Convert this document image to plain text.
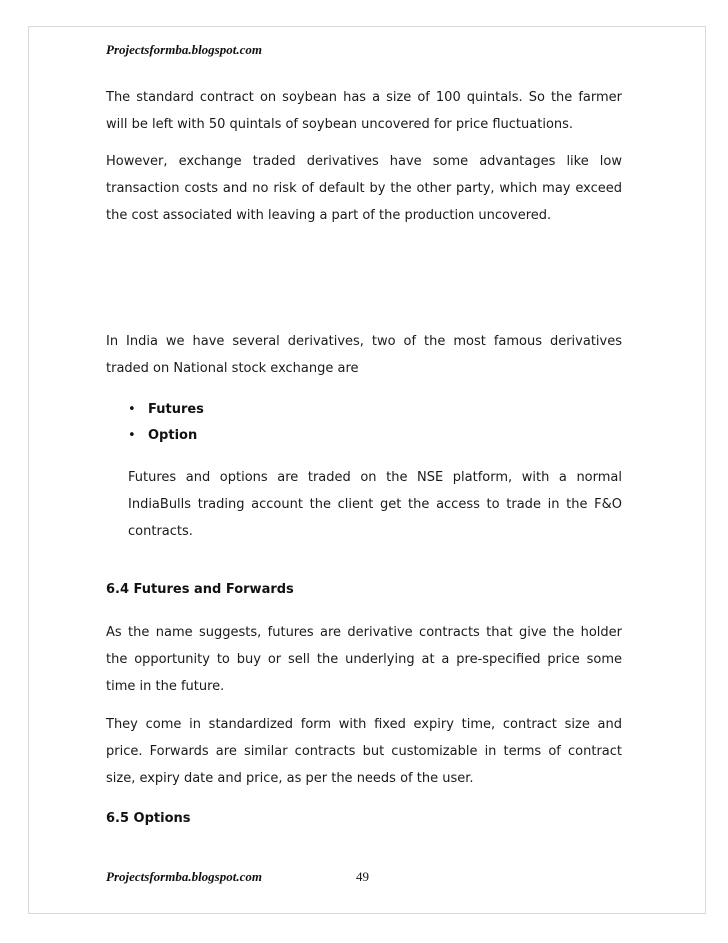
Projectsformba.blogspot.com

The standard contract on soybean has a size of 100 quintals. So the farmer will be left with 50 quintals of soybean uncovered for price fluctuations.

However, exchange traded derivatives have some advantages like low transaction costs and no risk of default by the other party, which may exceed the cost associated with leaving a part of the production uncovered.

In India we have several derivatives, two of the most famous derivatives traded on National stock exchange are

• Futures
• Option

Futures and options are traded on the NSE platform, with a normal IndiaBulls trading account the client get the access to trade in the F&O contracts.

6.4 Futures and Forwards

As the name suggests, futures are derivative contracts that give the holder the opportunity to buy or sell the underlying at a pre-specified price some time in the future.

They come in standardized form with fixed expiry time, contract size and price. Forwards are similar contracts but customizable in terms of contract size, expiry date and price, as per the needs of the user.

6.5 Options
Projectsformba.blogspot.com	49
